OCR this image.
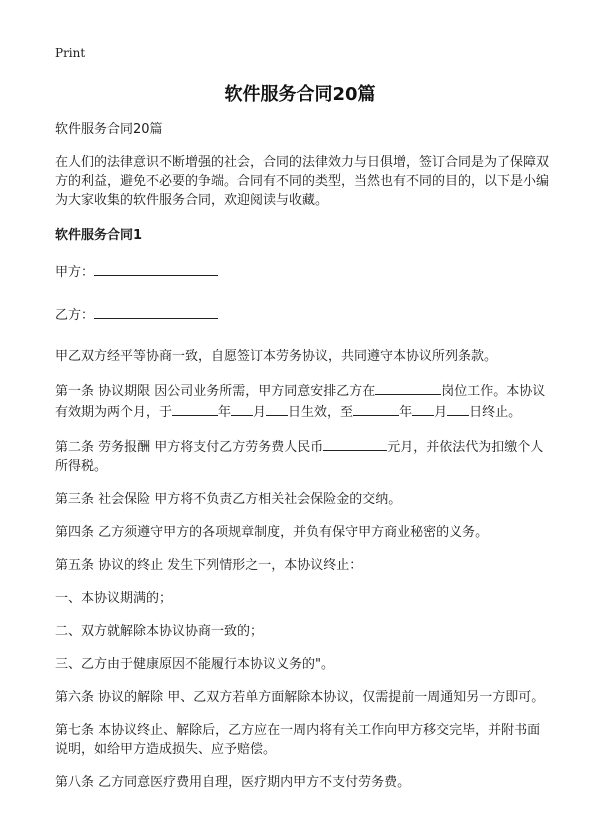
Print
软件服务合同20篇

软件服务合同20篇

在人们的法律意识不断增强的社会，合同的法律效力与日俱增，签订合同是为了保障双方的利益，避免不必要的争端。合同有不同的类型，当然也有不同的目的，以下是小编为大家收集的软件服务合同，欢迎阅读与收藏。

软件服务合同1

甲方：

乙方：

甲乙双方经平等协商一致，自愿签订本劳务协议，共同遵守本协议所列条款。

第一条 协议期限 因公司业务所需，甲方同意安排乙方在	岗位工作。本协议有效期为两个月，于	年 月 日生效，至	年 月 日终止。

第二条 劳务报酬 甲方将支付乙方劳务费人民币	元月，并依法代为扣缴个人所得税。

第三条 社会保险 甲方将不负责乙方相关社会保险金的交纳。

第四条 乙方须遵守甲方的各项规章制度，并负有保守甲方商业秘密的义务。

第五条 协议的终止 发生下列情形之一，本协议终止：

一、本协议期满的；

二、双方就解除本协议协商一致的；

三、乙方由于健康原因不能履行本协议义务的"。

第六条 协议的解除 甲、乙双方若单方面解除本协议，仅需提前一周通知另一方即可。

第七条 本协议终止、解除后，乙方应在一周内将有关工作向甲方移交完毕，并附书面说明，如给甲方造成损失、应予赔偿。

第八条 乙方同意医疗费用自理，医疗期内甲方不支付劳务费。
